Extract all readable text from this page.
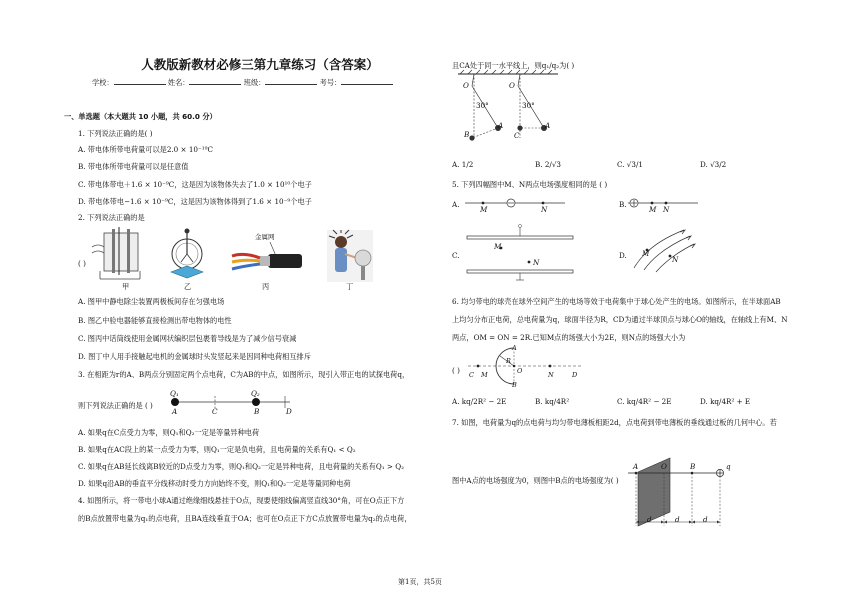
人教版新教材必修三第九章练习（含答案）
学校：	姓名：	班级：	考号：
一、单选题（本大题共 10 小题，共 60.0 分）
1. 下列说法正确的是( )
A. 带电体所带电荷量可以是2.0 × 10⁻¹⁹C
B. 带电体所带电荷量可以是任意值
C. 带电体带电＋1.6 × 10⁻⁹C，这是因为该物体失去了1.0 × 10¹⁰个电子
D. 带电体带电−1.6 × 10⁻⁹C，这是因为该物体得到了1.6 × 10⁻⁹个电子
2. 下列说法正确的是
( )
甲	乙
金属网
丙	丁
A. 图甲中静电除尘装置两极板间存在匀强电场
B. 图乙中验电器能够直接检测出带电物体的电性
C. 图丙中话筒线使用金属网状编织层包裹着导线是为了减少信号衰减
D. 图丁中人用手接触起电机的金属球时头发竖起来是因同种电荷相互排斥
3. 在相距为r的A、B两点分别固定两个点电荷，C为AB的中点，如图所示，现引入带正电的试探电荷q，
则下列说法正确的是 ( )
Q₁	Q₂
A	C	B	D
A. 如果q在C点受力为零，则Q₁和Q₂一定是等量异种电荷
B. 如果q在AC段上的某一点受力为零，则Q₁一定是负电荷，且电荷量的关系有Q₁ < Q₂
C. 如果q在AB延长线离B较近的D点受力为零，则Q₁和Q₂一定是异种电荷，且电荷量的关系有Q₁ > Q₂
D. 如果q沿AB的垂直平分线移动时受力方向始终不变，则Q₁和Q₂一定是等量同种电荷
4. 如图所示，将一带电小球A通过绝缘细线悬挂于O点，现要使细线偏离竖直线30°角，可在O点正下方
的B点放置带电量为q₁的点电荷，且BA连线垂直于OA；也可在O点正下方C点放置带电量为q₂的点电荷，
且CA处于同一水平线上，则q₁/q₂为( )
O	O
30°	30°
A	A
B	C
A. 1/2	B. 2/√3	C. √3/1	D. √3/2
5. 下列四幅图中M、N两点电场强度相同的是 ( )
A.
M	N
B.
M N
C.
M
N
D. M
N
6. 均匀带电的球壳在球外空间产生的电场等效于电荷集中于球心处产生的电场。如图所示，在半球面AB
上均匀分布正电荷，总电荷量为q，球面半径为R，CD为通过半球顶点与球心O的轴线，在轴线上有M、N
两点，OM = ON = 2R.已知M点的场强大小为2E，则N点的场强大小为
( ) C M
A
R
O
B
N	D
A. kq/2R² − 2E	B. kq/4R²	C. kq/4R² − 2E	D. kq/4R² + E
7. 如图，电荷量为q的点电荷与均匀带电薄板相距2d，点电荷到带电薄板的垂线通过板的几何中心。若
图中A点的电场强度为0，则图中B点的电场强度为( )
A	O	B	q
d	d	d
第1页，共5页
